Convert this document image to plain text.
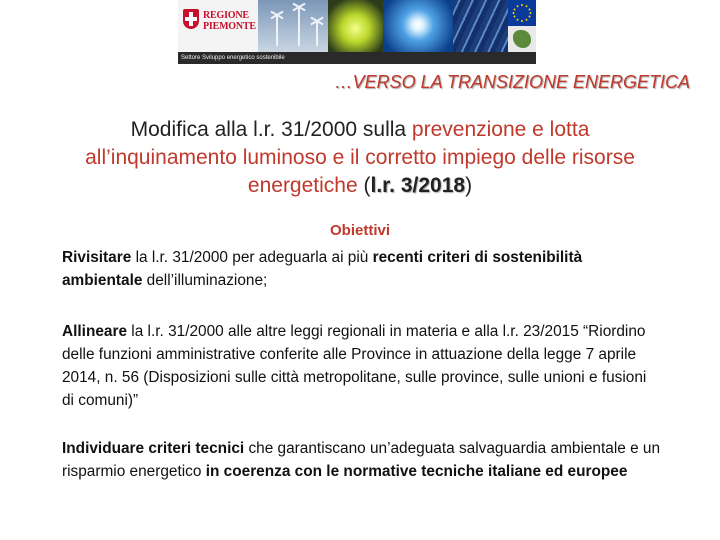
REGIONE
PIEMONTE
Settore Sviluppo energetico sostenibile
…VERSO LA TRANSIZIONE ENERGETICA
Modifica alla l.r. 31/2000 sulla prevenzione e lotta all’inquinamento luminoso e il corretto impiego delle risorse energetiche (l.r. 3/2018)
Obiettivi
Rivisitare la l.r. 31/2000 per adeguarla ai più recenti criteri di sostenibilità ambientale dell’illuminazione;
Allineare la l.r. 31/2000 alle altre leggi regionali in materia e alla l.r. 23/2015 “Riordino delle funzioni amministrative conferite alle Province in attuazione della legge 7 aprile 2014, n. 56 (Disposizioni sulle città metropolitane, sulle province, sulle unioni e fusioni di comuni)”
Individuare criteri tecnici che garantiscano un’adeguata salvaguardia ambientale e un risparmio energetico in coerenza con le normative tecniche italiane ed europee
